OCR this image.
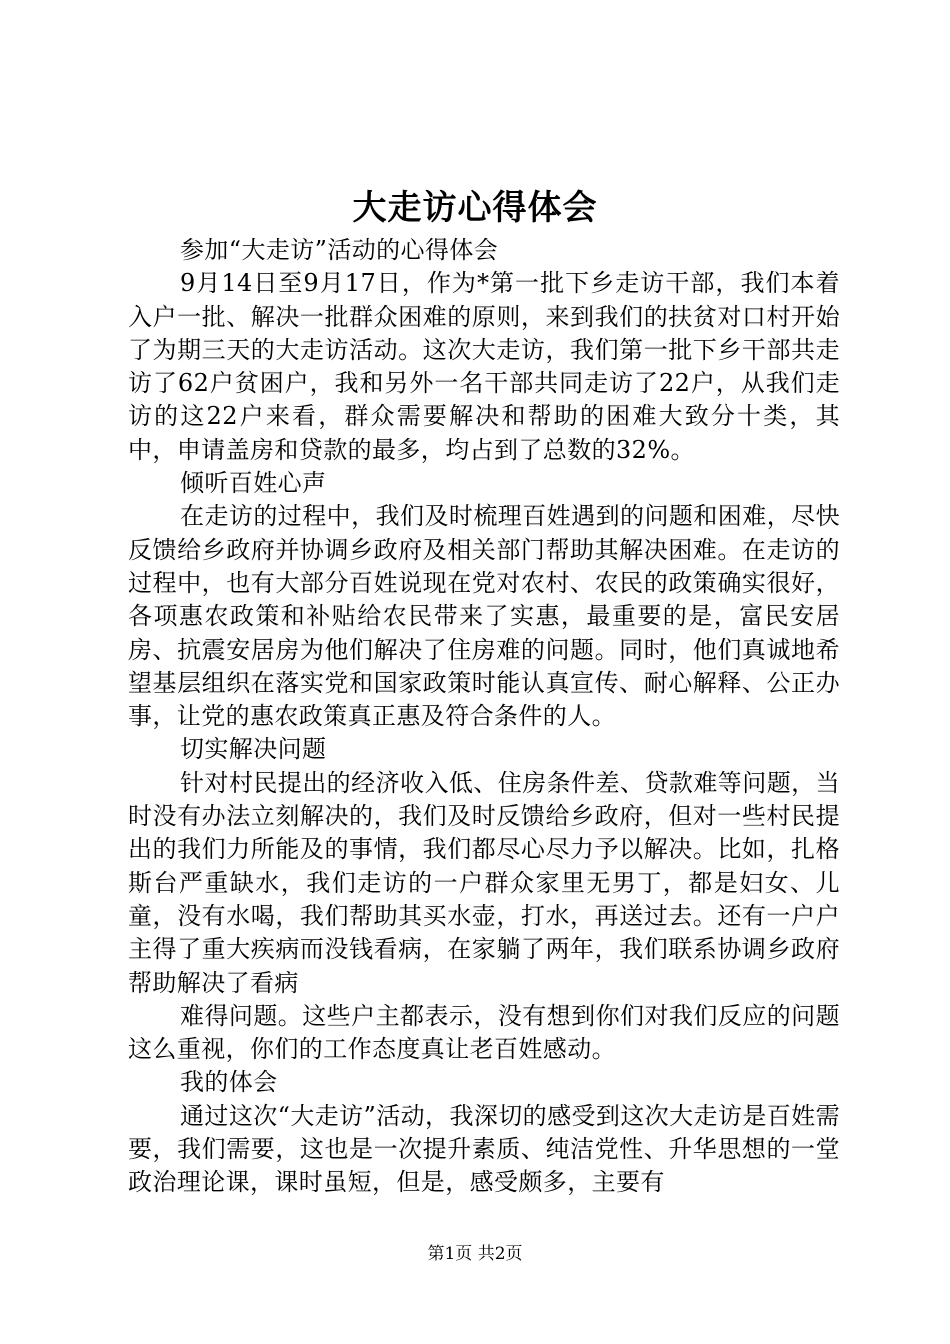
大走访心得体会

参加“大走访”活动的心得体会

9月14日至9月17日，作为*第一批下乡走访干部，我们本着入户一批、解决一批群众困难的原则，来到我们的扶贫对口村开始了为期三天的大走访活动。这次大走访，我们第一批下乡干部共走访了62户贫困户，我和另外一名干部共同走访了22户，从我们走访的这22户来看，群众需要解决和帮助的困难大致分十类，其中，申请盖房和贷款的最多，均占到了总数的32%。

倾听百姓心声

在走访的过程中，我们及时梳理百姓遇到的问题和困难，尽快反馈给乡政府并协调乡政府及相关部门帮助其解决困难。在走访的过程中，也有大部分百姓说现在党对农村、农民的政策确实很好，各项惠农政策和补贴给农民带来了实惠，最重要的是，富民安居房、抗震安居房为他们解决了住房难的问题。同时，他们真诚地希望基层组织在落实党和国家政策时能认真宣传、耐心解释、公正办事，让党的惠农政策真正惠及符合条件的人。

切实解决问题

针对村民提出的经济收入低、住房条件差、贷款难等问题，当时没有办法立刻解决的，我们及时反馈给乡政府，但对一些村民提出的我们力所能及的事情，我们都尽心尽力予以解决。比如，扎格斯台严重缺水，我们走访的一户群众家里无男丁，都是妇女、儿童，没有水喝，我们帮助其买水壶，打水，再送过去。还有一户户主得了重大疾病而没钱看病，在家躺了两年，我们联系协调乡政府帮助解决了看病

难得问题。这些户主都表示，没有想到你们对我们反应的问题这么重视，你们的工作态度真让老百姓感动。

我的体会

通过这次“大走访”活动，我深切的感受到这次大走访是百姓需要，我们需要，这也是一次提升素质、纯洁党性、升华思想的一堂政治理论课，课时虽短，但是，感受颇多，主要有

第1页 共2页
